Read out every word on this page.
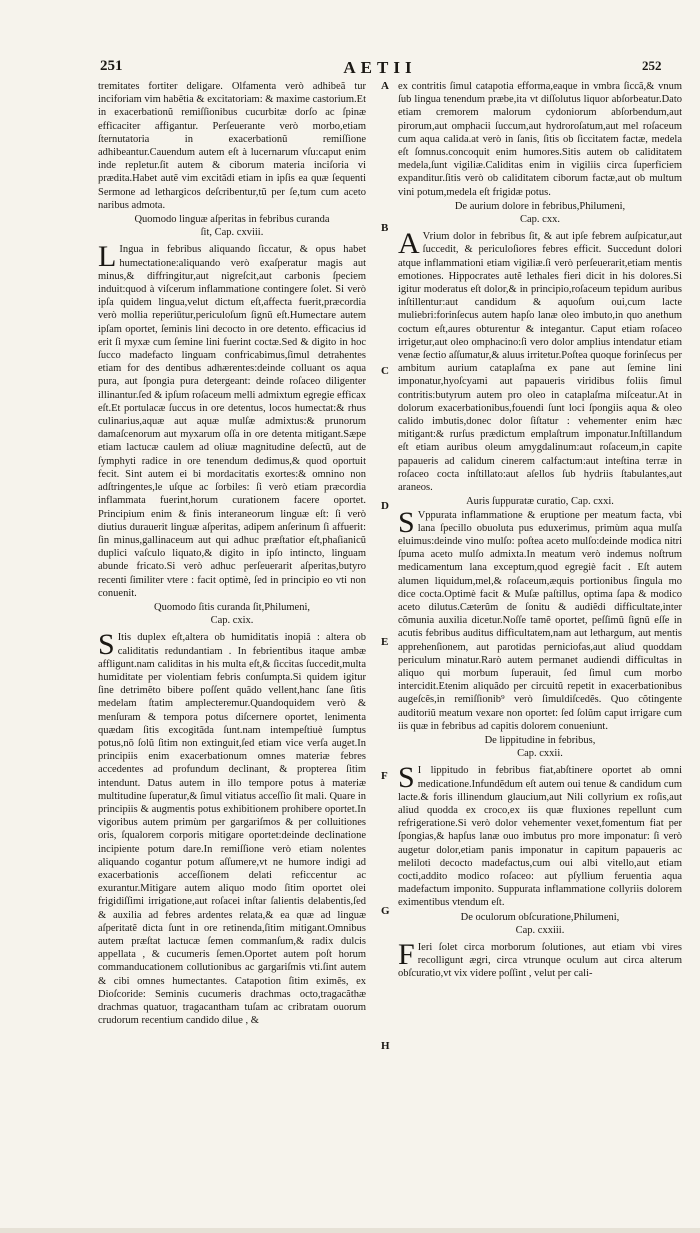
251	AETII	252

tremitates fortiter deligare. Olfamenta verò adhibeã tur inciforiam vim habẽtia & excitatoriam: & maxime castorium.Et in exacerbationũ remiſſionibus cucurbitæ dorſo ac ſpinæ efficaciter affigantur. Perſeuerante verò morbo,etiam ſternutatoria in exacerbationũ remiſſione adhibeantur.Cauendum autem eſt à lucernarum vſu:caput enim inde repletur.ſit autem & ciborum materia inciſoria vi prædita.Habet autẽ vim excitãdi etiam in ipſis ea quæ ſequenti Sermone ad lethargicos deſcribentur,tũ per ſe,tum cum aceto naribus admota.

Quomodo linguæ aſperitas in febribus curanda

ſit, Cap. cxviii.

L Ingua in febribus aliquando ſiccatur, & opus habet humectatione:aliquando verò exaſperatur magis aut minus,& diffringitur,aut nigreſcit,aut carbonis ſpeciem induit:quod à viſcerum inflammatione contingere ſolet. Si verò ipſa quidem lingua,velut dictum eſt,affecta fuerit,præcordia verò mollia reperiūtur,periculoſum ſignũ eſt.Humectare autem ipſam oportet, ſeminis lini decocto in ore detento. efficacius id erit ſi myxæ cum ſemine lini fuerint coctæ.Sed & digito in hoc ſucco madefacto linguam confricabimus,ſimul detrahentes etiam for des dentibus adhærentes:deinde colluant os aqua pura, aut ſpongia pura detergeant: deinde roſaceo diligenter illinantur.ſed & ipſum roſaceum melli admixtum egregie efficax eſt.Et portulacæ ſuccus in ore detentus, locos humectat:& rhus culinarius,aquæ aut aquæ mulſæ admixtus:& prunorum damaſcenorum aut myxarum oſſa in ore detenta mitigant.Sæpe etiam lactucæ caulem ad oliuæ magnitudine deſectũ, aut de ſymphyti radice in ore tenendum dedimus,& quod oportuit fecit. Sint autem ei bi mordacitatis exortes:& omnino non adſtringentes,le uſque ac ſorbiles: ſi verò etiam præcordia inflammata fuerint,horum curationem facere oportet. Principium enim & finis interaneorum linguæ eſt: ſi verò diutius durauerit linguæ aſperitas, adipem anſerinum ſi affuerit: ſin minus,gallinaceum aut qui adhuc præſtatior eſt,phaſianicũ duplici vaſculo liquato,& digito in ipſo intincto, linguam abunde fricato.Si verò adhuc perſeuerarit aſperitas,butyro recenti ſimiliter vtere : facit optimè, ſed in principio eo vti non conuenit.

Quomodo ſitis curanda ſit,Philumeni,

Cap. cxix.

S Itis duplex eſt,altera ob humiditatis inopiã : altera ob caliditatis redundantiam . In febrientibus itaque ambæ affligunt.nam caliditas in his multa eſt,& ſiccitas ſuccedit,multa humiditate per violentiam febris conſumpta.Si quidem igitur ſine detrimẽto bibere poſſent quãdo vellent,hanc ſane ſitis medelam ſtatim amplecteremur.Quandoquidem verò & menſuram & tempora potus diſcernere oportet, lenimenta quædam ſitis excogitãda ſunt.nam intempeſtiuè ſumptus potus,nõ ſolũ ſitim non extinguit,ſed etiam vice verſa auget.In principiis enim exacerbationum omnes materiæ febres accedentes ad profundum declinant, & propterea ſitim intendunt. Datus autem in illo tempore potus à materiæ multitudine ſuperatur,& ſimul vitiatus acceſſio ſit mali. Quare in principiis & augmentis potus exhibitionem prohibere oportet.In vigoribus autem primùm per gargariſmos & per colluitiones oris, ſqualorem corporis mitigare oportet:deinde declinatione incipiente potum dare.In remiſſione verò etiam nolentes aliquando cogantur potum aſſumere,vt ne humore indigi ad exacerbationis acceſſionem delati reficcentur ac exurantur.Mitigare autem aliquo modo ſitim oportet olei frigidiſſimi irrigatione,aut roſacei inſtar ſalientis delabentis,ſed & auxilia ad febres ardentes relata,& ea quæ ad linguæ aſperitatẽ dicta ſunt in ore retinenda,ſitim mitigant.Omnibus autem præſtat lactucæ ſemen commanſum,& radix dulcis appellata , & cucumeris ſemen.Oportet autem poſt horum commanducationem collutionibus ac gargariſmis vti.ſint autem & cibi omnes humectantes. Catapotion ſitim eximẽs, ex Dioſcoride: Seminis cucumeris drachmas octo,tragacãthæ drachmas quatuor, tragacantham tuſam ac cribratam ouorum crudorum recentium candido dilue , &

ex contritis ſimul catapotia efforma,eaque in vmbra ſiccã,& vnum ſub lingua tenendum præbe,ita vt diſſolutus liquor abſorbeatur.Dato etiam cremorem malorum cydoniorum abſorbendum,aut pirorum,aut omphacii ſuccum,aut hydroroſatum,aut mel roſaceum cum aqua calida.at verò in ſanis, ſitis ob ſiccitatem factæ, medela eſt ſomnus.concoquit enim humores.Sitis autem ob caliditatem medela,ſunt vigiliæ.Caliditas enim in vigiliis circa ſuperficiem expanditur.ſitis verò ob caliditatem ciborum factæ,aut ob multum vini potum,medela eſt frigidæ potus.

De aurium dolore in febribus,Philumeni,

Cap. cxx.

A Vrium dolor in febribus ſit, & aut ipſe febrem auſpicatur,aut ſuccedit, & periculoſiores febres efficit. Succedunt dolori atque inflammationi etiam vigiliæ.ſi verò perſeuerarit,etiam mentis emotiones. Hippocrates autẽ lethales fieri dicit in his dolores.Si igitur moderatus eſt dolor,& in principio,roſaceum tepidum auribus inſtillentur:aut candidum & aquoſum oui,cum lacte muliebri:forinſecus autem hapſo lanæ oleo imbuto,in quo anethum coctum eſt,aures obturentur & integantur. Caput etiam roſaceo irrigetur,aut oleo omphacino:ſi vero dolor amplius intendatur etiam venæ ſectio aſſumatur,& aluus irritetur.Poſtea quoque forinſecus per ambitum aurium cataplaſma ex pane aut ſemine lini imponatur,hyoſcyami aut papaueris viridibus foliis ſimul contritis:butyrum autem pro oleo in cataplaſma miſceatur.At in dolorum exacerbationibus,fouendi ſunt loci ſpongiis aqua & oleo calido imbutis,donec dolor ſiſtatur : vehementer enim hæc mitigant:& rurſus prædictum emplaſtrum imponatur.Inſtillandum eſt etiam auribus oleum amygdalinum:aut roſaceum,in capite papaueris ad calidum cinerem calfactum:aut inteſtina terræ in roſaceo cocta inſtillato:aut aſellos ſub hydriis ſtabulantes,aut araneos.

Auris ſuppuratæ curatio, Cap. cxxi.

S Vppurata inflammatione & eruptione per meatum facta, vbi lana ſpecillo obuoluta pus eduxerimus, primùm aqua mulſa eluimus:deinde vino mulſo: poſtea aceto mulſo:deinde modica nitri ſpuma aceto mulſo admixta.In meatum verò indemus noſtrum medicamentum lana exceptum,quod egregiè facit . Eſt autem alumen liquidum,mel,& roſaceum,æquis portionibus ſingula mo dice cocta.Optimè facit & Muſæ paſtillus, optima ſapa & modico aceto dilutus.Cæterũm de ſonitu & audiẽdi difficultate,inter cõmunia auxilia dicetur.Noſſe tamẽ oportet, peſſimũ ſignũ eſſe in acutis febribus auditus difficultatem,nam aut lethargum, aut mentis apprehenſionem, aut parotidas perniciofas,aut aliud quoddam periculum minatur.Rarò autem permanet audiendi difficultas in aliquo qui morbum ſuperauit, ſed ſimul cum morbo intercidit.Etenim aliquãdo per circuitũ repetit in exacerbationibus augeſcẽs,in remiſſionib⁹ verò ſimuldiſcedẽs. Quo cõtingente auditoriũ meatum vexare non oportet: ſed ſolũm caput irrigare cum iis quæ in febribus ad capitis dolorem conueniunt.

De lippitudine in febribus,

Cap. cxxii.

S I lippitudo in febribus fiat,abſtinere oportet ab omni medicatione.Infundẽdum eſt autem oui tenue & candidum cum lacte.& foris illinendum glaucium,aut Nili collyrium ex roſis,aut aliud quodda ex croco,ex iis quæ fluxiones repellunt cum refrigeratione.Si verò dolor vehementer vexet,fomentum fiat per ſpongias,& hapſus lanæ ouo imbutus pro more imponatur: ſi verò augetur dolor,etiam panis imponatur in capitum papaueris ac meliloti decocto madefactus,cum oui albi vitello,aut etiam cocti,addito modico roſaceo: aut pſyllium feruentia aqua madefactum imponito. Suppurata inflammatione collyriis dolorem eximentibus vtendum eſt.

De oculorum obſcuratione,Philumeni,

Cap. cxxiii.

F Ieri ſolet circa morborum ſolutiones, aut etiam vbi vires recolligunt ægri, circa vtrunque oculum aut circa alterum obſcuratio,vt vix videre poſſint , velut per cali-

A
B
C
D
E
F
G
H
